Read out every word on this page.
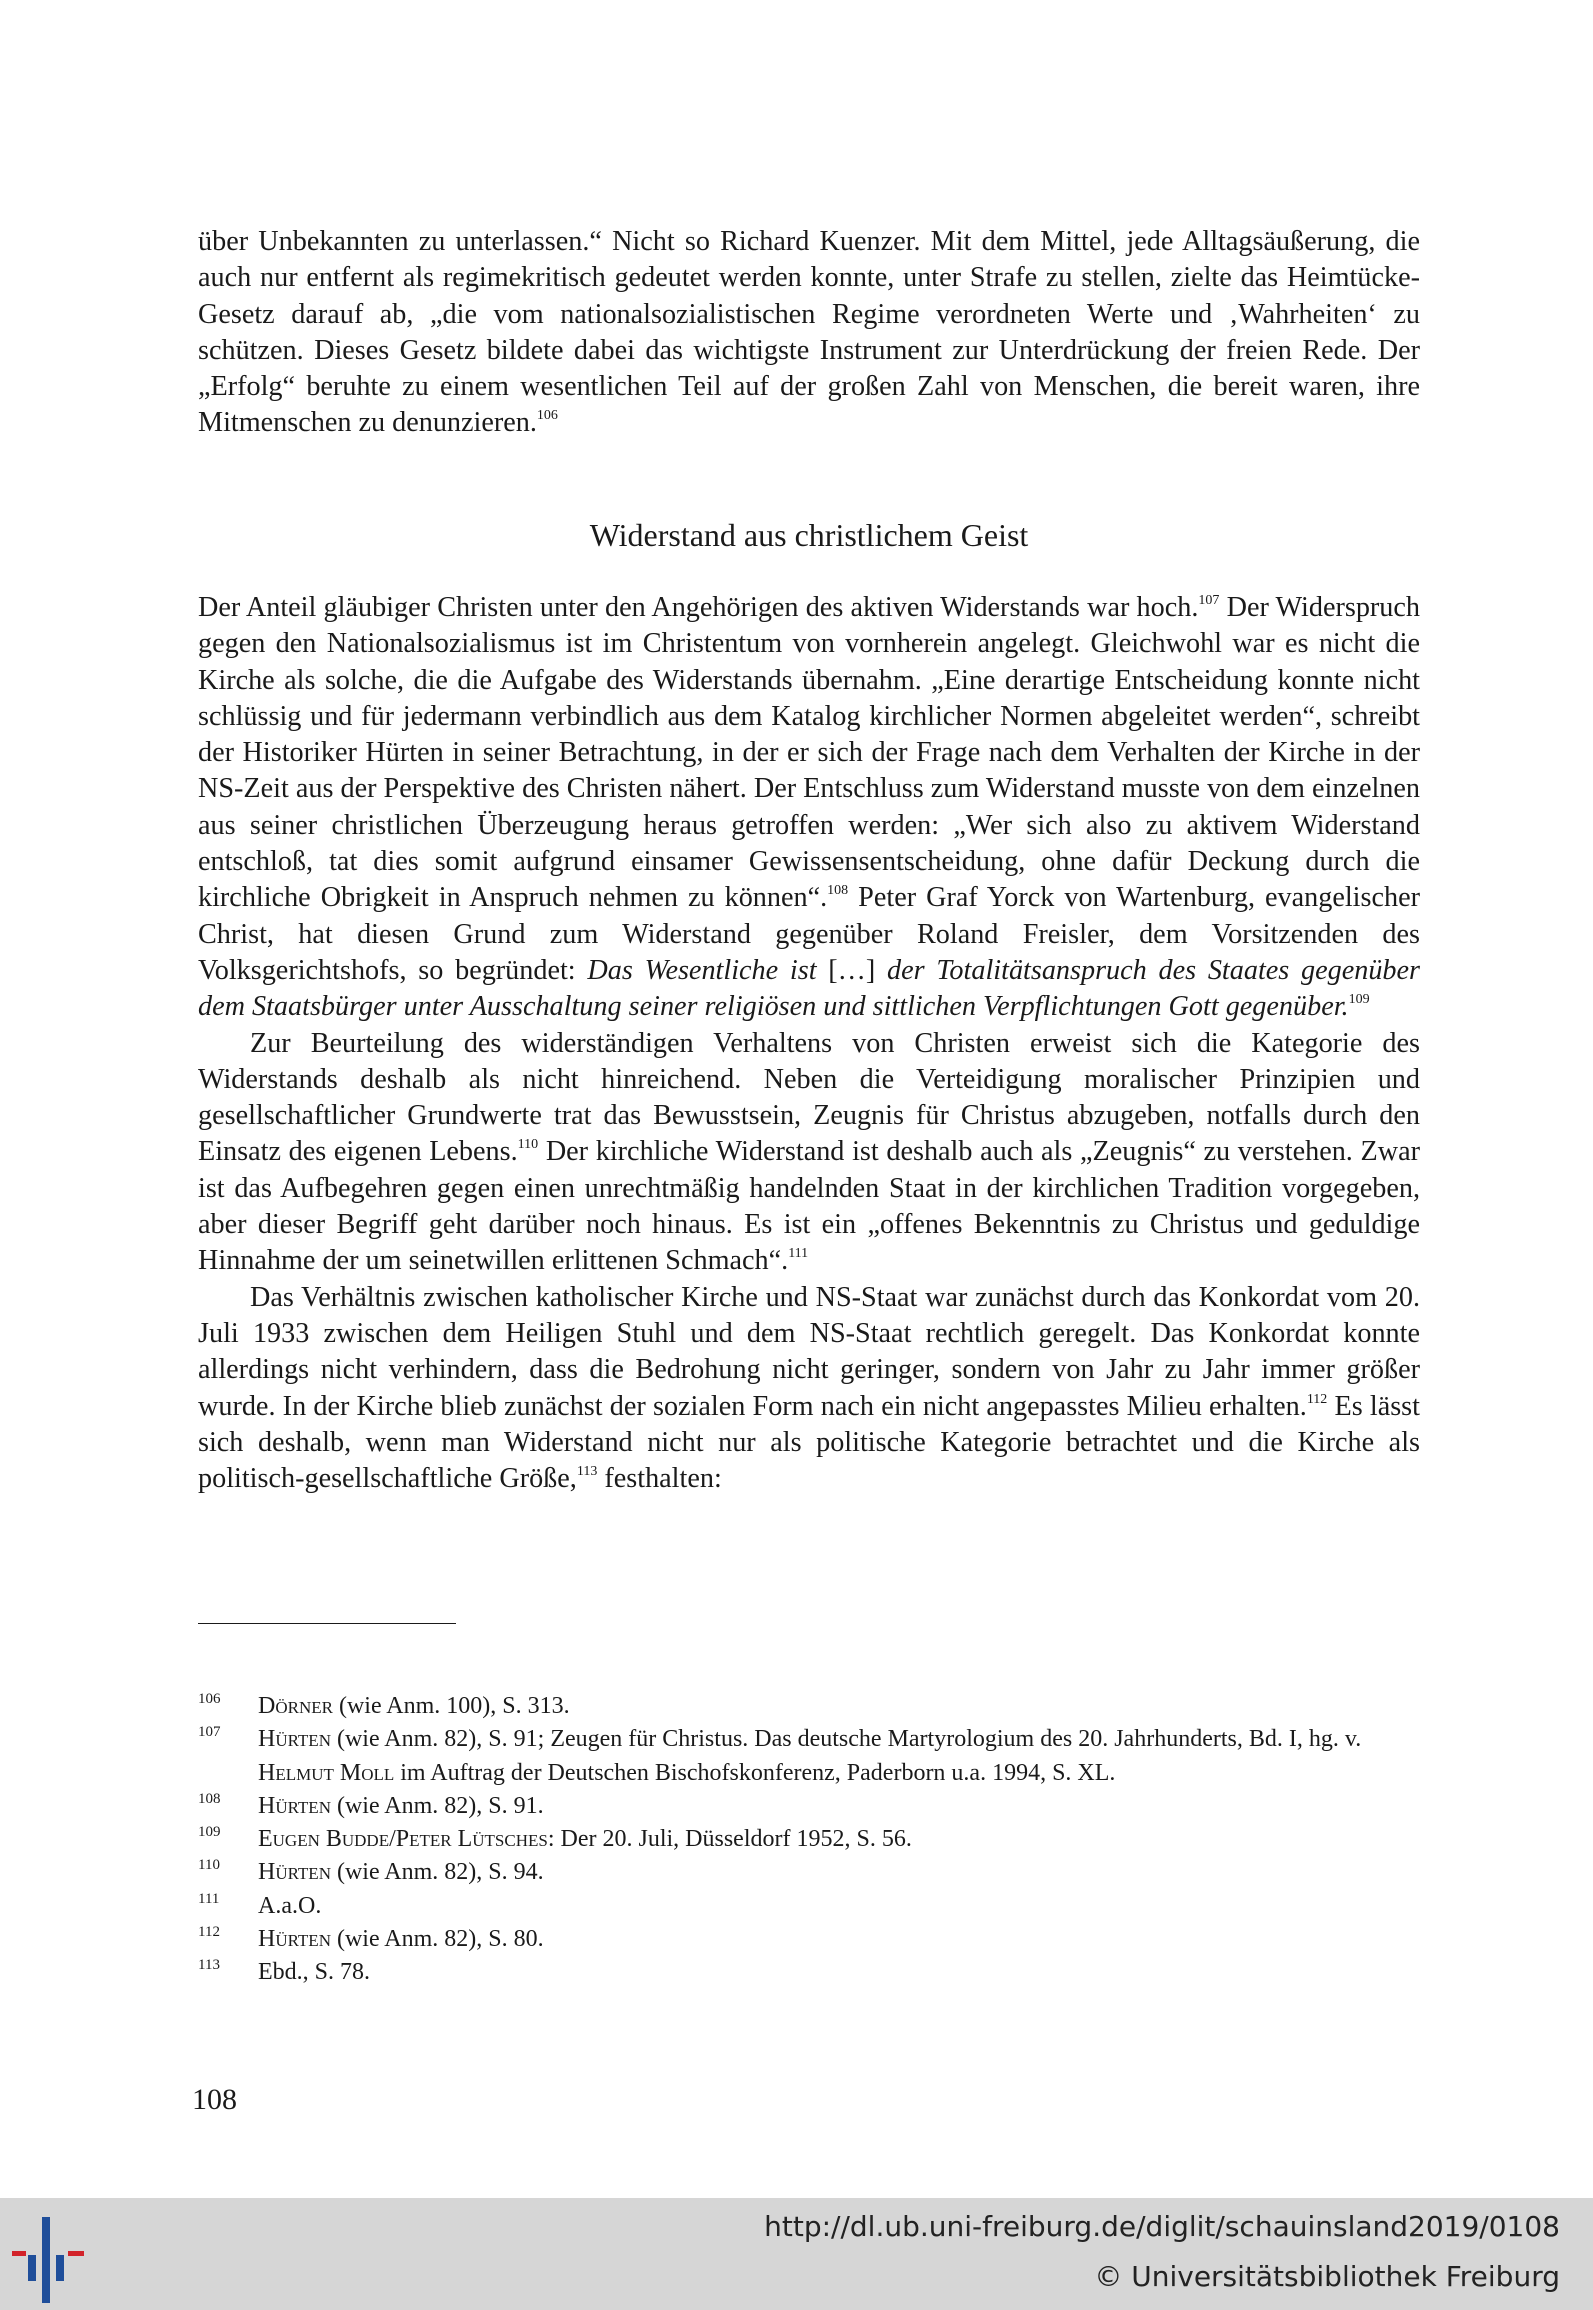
über Unbekannten zu unterlassen.“ Nicht so Richard Kuenzer. Mit dem Mittel, jede Alltagsäußerung, die auch nur entfernt als regimekritisch gedeutet werden konnte, unter Strafe zu stellen, zielte das Heimtücke-Gesetz darauf ab, „die vom nationalsozialistischen Regime verordneten Werte und ‚Wahrheiten‘ zu schützen. Dieses Gesetz bildete dabei das wichtigste Instrument zur Unterdrückung der freien Rede. Der „Erfolg“ beruhte zu einem wesentlichen Teil auf der großen Zahl von Menschen, die bereit waren, ihre Mitmenschen zu denunzieren.$^{106}$

Widerstand aus christlichem Geist

Der Anteil gläubiger Christen unter den Angehörigen des aktiven Widerstands war hoch.$^{107}$ Der Widerspruch gegen den Nationalsozialismus ist im Christentum von vornherein angelegt. Gleichwohl war es nicht die Kirche als solche, die die Aufgabe des Widerstands übernahm. „Eine derartige Entscheidung konnte nicht schlüssig und für jedermann verbindlich aus dem Katalog kirchlicher Normen abgeleitet werden“, schreibt der Historiker Hürten in seiner Betrachtung, in der er sich der Frage nach dem Verhalten der Kirche in der NS-Zeit aus der Perspektive des Christen nähert. Der Entschluss zum Widerstand musste von dem einzelnen aus seiner christlichen Überzeugung heraus getroffen werden: „Wer sich also zu aktivem Widerstand entschloß, tat dies somit aufgrund einsamer Gewissensentscheidung, ohne dafür Deckung durch die kirchliche Obrigkeit in Anspruch nehmen zu können“.$^{108}$ Peter Graf Yorck von Wartenburg, evangelischer Christ, hat diesen Grund zum Widerstand gegenüber Roland Freisler, dem Vorsitzenden des Volksgerichtshofs, so begründet: Das Wesentliche ist […] der Totalitätsanspruch des Staates gegenüber dem Staatsbürger unter Ausschaltung seiner religiösen und sittlichen Verpflichtungen Gott gegenüber.$^{109}$

Zur Beurteilung des widerständigen Verhaltens von Christen erweist sich die Kategorie des Widerstands deshalb als nicht hinreichend. Neben die Verteidigung moralischer Prinzipien und gesellschaftlicher Grundwerte trat das Bewusstsein, Zeugnis für Christus abzugeben, notfalls durch den Einsatz des eigenen Lebens.$^{110}$ Der kirchliche Widerstand ist deshalb auch als „Zeugnis“ zu verstehen. Zwar ist das Aufbegehren gegen einen unrechtmäßig handelnden Staat in der kirchlichen Tradition vorgegeben, aber dieser Begriff geht darüber noch hinaus. Es ist ein „offenes Bekenntnis zu Christus und geduldige Hinnahme der um seinetwillen erlittenen Schmach“.$^{111}$

Das Verhältnis zwischen katholischer Kirche und NS-Staat war zunächst durch das Konkordat vom 20. Juli 1933 zwischen dem Heiligen Stuhl und dem NS-Staat rechtlich geregelt. Das Konkordat konnte allerdings nicht verhindern, dass die Bedrohung nicht geringer, sondern von Jahr zu Jahr immer größer wurde. In der Kirche blieb zunächst der sozialen Form nach ein nicht angepasstes Milieu erhalten.$^{112}$ Es lässt sich deshalb, wenn man Widerstand nicht nur als politische Kategorie betrachtet und die Kirche als politisch-gesellschaftliche Größe,$^{113}$ festhalten:

106 Dörner (wie Anm. 100), S. 313.
107 Hürten (wie Anm. 82), S. 91; Zeugen für Christus. Das deutsche Martyrologium des 20. Jahrhunderts, Bd. I, hg. v. Helmut Moll im Auftrag der Deutschen Bischofskonferenz, Paderborn u.a. 1994, S. XL.
108 Hürten (wie Anm. 82), S. 91.
109 Eugen Budde/Peter Lütsches: Der 20. Juli, Düsseldorf 1952, S. 56.
110 Hürten (wie Anm. 82), S. 94.
111 A.a.O.
112 Hürten (wie Anm. 82), S. 80.
113 Ebd., S. 78.
108
http://dl.ub.uni-freiburg.de/diglit/schauinsland2019/0108
© Universitätsbibliothek Freiburg
